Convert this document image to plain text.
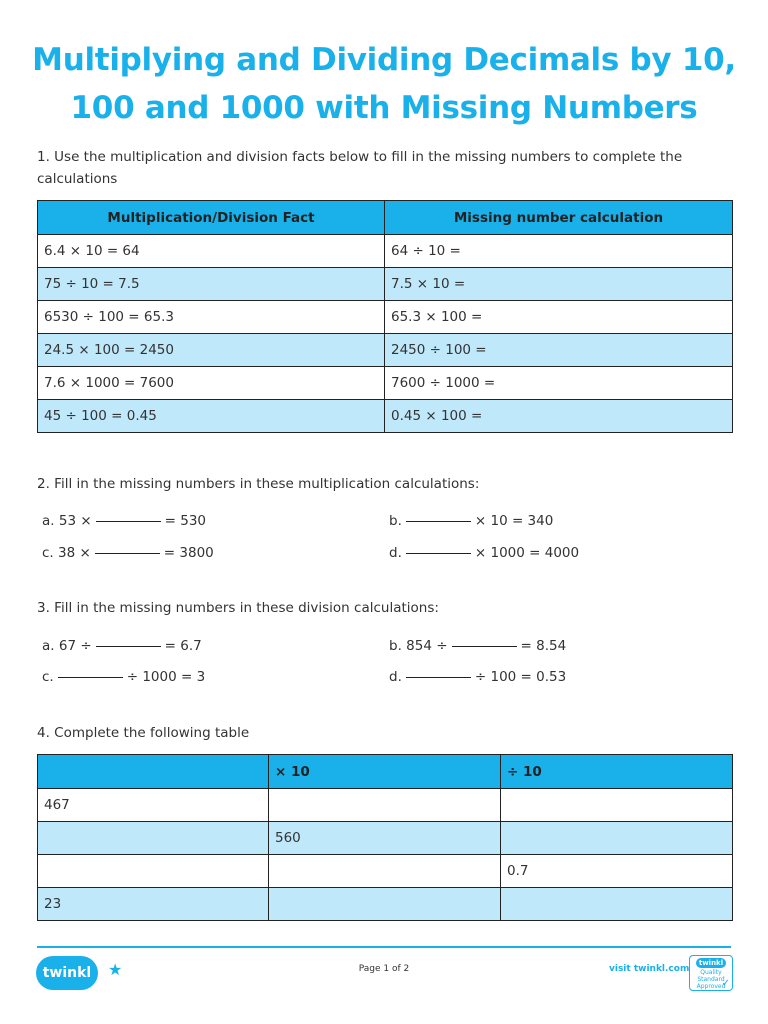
Multiplying and Dividing Decimals by 10,
100 and 1000 with Missing Numbers
1. Use the multiplication and division facts below to fill in the missing numbers to complete the calculations
Multiplication/Division Fact	Missing number calculation
6.4 × 10 = 64	64 ÷ 10 =
75 ÷ 10 = 7.5	7.5 × 10 =
6530 ÷ 100 = 65.3	65.3 × 100 =
24.5 × 100 = 2450	2450 ÷ 100 =
7.6 × 1000 = 7600	7600 ÷ 1000 =
45 ÷ 100 = 0.45	0.45 × 100 =
2. Fill in the missing numbers in these multiplication calculations:
a. 53 ×	= 530	b.	× 10 = 340
c. 38 ×	= 3800	d.	× 1000 = 4000
3. Fill in the missing numbers in these division calculations:
a. 67 ÷	= 6.7	b. 854 ÷	= 8.54
c.	÷ 1000 = 3	d.	÷ 100 = 0.53
4. Complete the following table
	× 10	÷ 10
467		
	560	
		0.7
23		
twinkl	★	Page 1 of 2	visit twinkl.com
twinkl
Quality Standard Approved
✓
